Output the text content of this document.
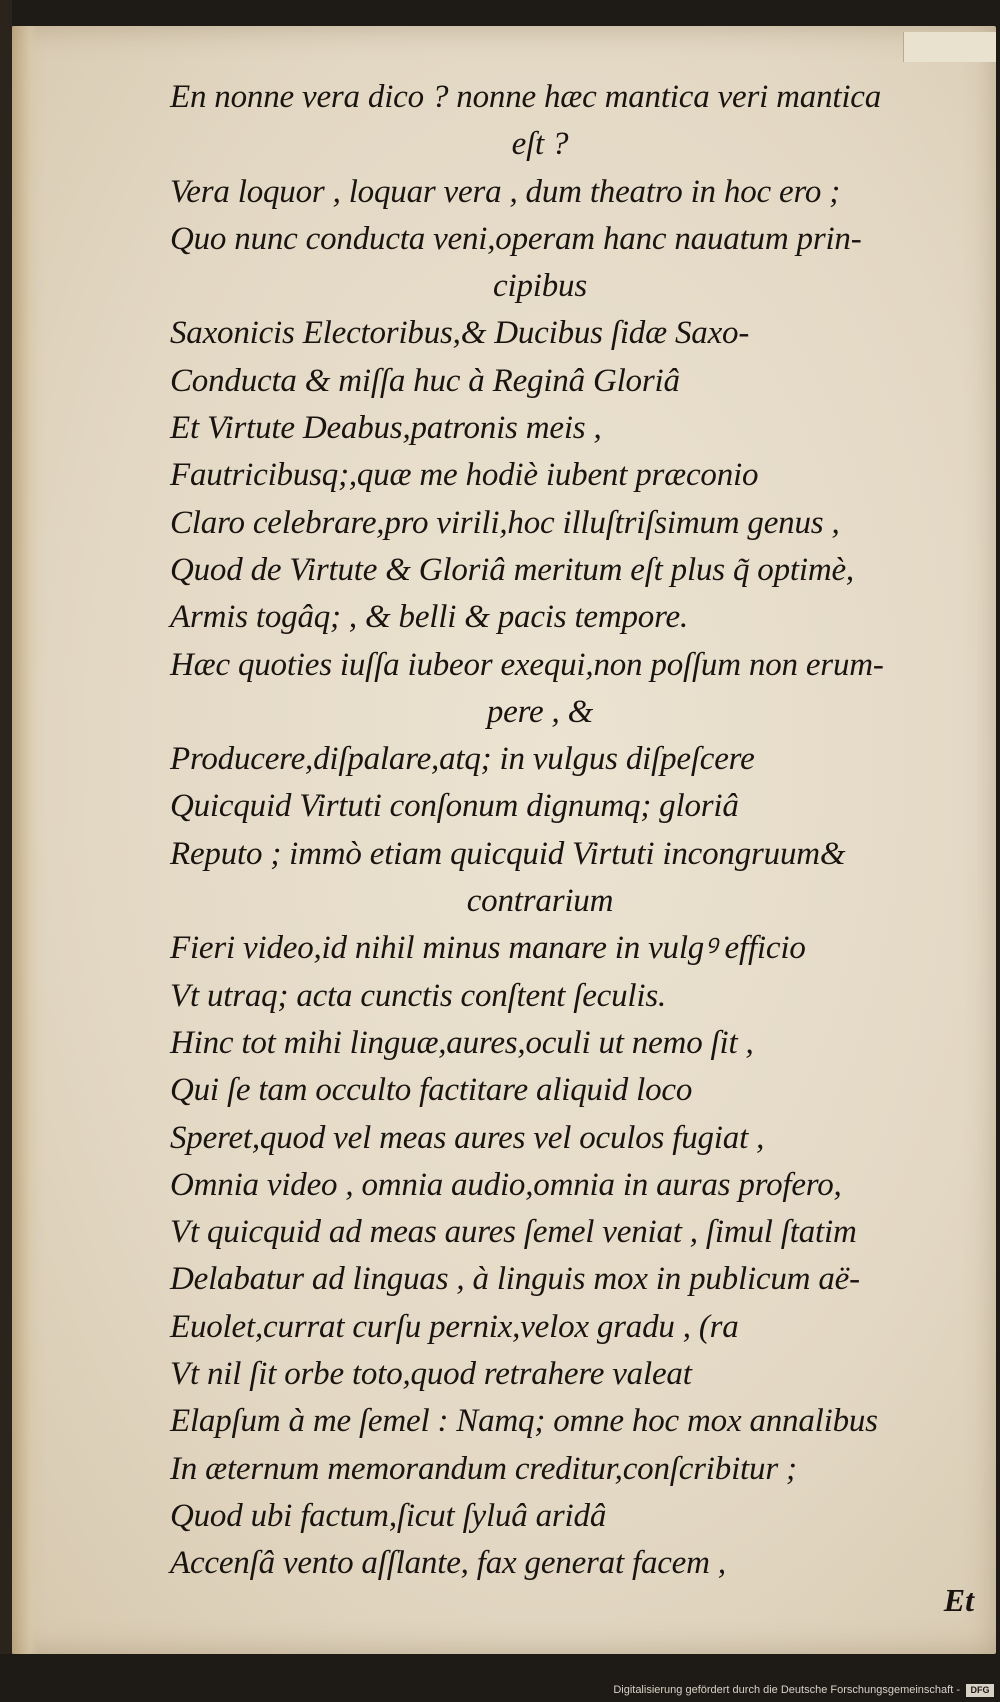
En nonne vera dico ? nonne hæc mantica veri mantica
eſt ?
Vera loquor , loquar vera , dum theatro in hoc ero ;
Quo nunc conducta veni,operam hanc nauatum prin-
cipibus
Saxonicis Electoribus,& Ducibus ſidæ Saxo-
Conducta & miſſa huc à Reginâ Gloriâ
Et Virtute Deabus,patronis meis ,
Fautricibusq;,quæ me hodiè iubent præconio
Claro celebrare,pro virili,hoc illuſtriſsimum genus ,
Quod de Virtute & Gloriâ meritum eſt plus q̃ optimè,
Armis togâq; , & belli & pacis tempore.
Hæc quoties iuſſa iubeor exequi,non poſſum non erum-
pere , &
Producere,diſpalare,atq; in vulgus diſpeſcere
Quicquid Virtuti conſonum dignumq; gloriâ
Reputo ; immò etiam quicquid Virtuti incongruum&
contrarium
Fieri video,id nihil minus manare in vulgꝰ efficio
Vt utraq; acta cunctis conſtent ſeculis.
Hinc tot mihi linguæ,aures,oculi ut nemo ſit ,
Qui ſe tam occulto factitare aliquid loco
Speret,quod vel meas aures vel oculos fugiat ,
Omnia video , omnia audio,omnia in auras profero,
Vt quicquid ad meas aures ſemel veniat , ſimul ſtatim
Delabatur ad linguas , à linguis mox in publicum aë-
Euolet,currat curſu pernix,velox gradu , (ra
Vt nil ſit orbe toto,quod retrahere valeat
Elapſum à me ſemel : Namq; omne hoc mox annalibus
In æternum memorandum creditur,conſcribitur ;
Quod ubi factum,ſicut ſyluâ aridâ
Accenſâ vento aſſlante, fax generat facem ,
Et
Digitalisierung gefördert durch die Deutsche Forschungsgemeinschaft -	DFG
